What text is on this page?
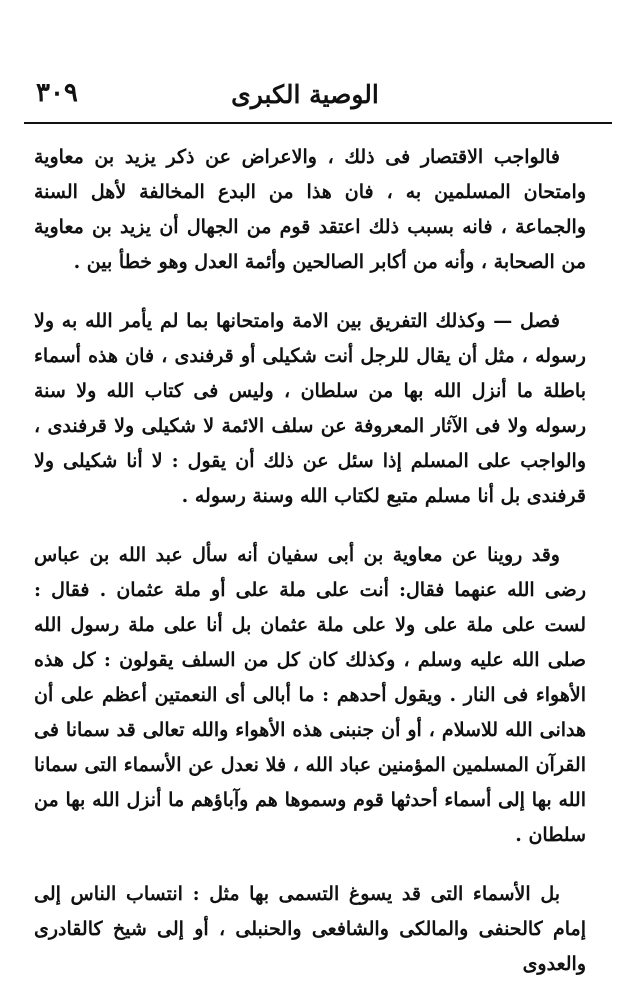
الوصية الكبرى
٣٠٩

فالواجب الاقتصار فى ذلك ، والاعراض عن ذكر يزيد بن معاوية وامتحان المسلمين به ، فان هذا من البدع المخالفة لأهل السنة والجماعة ، فانه بسبب ذلك اعتقد قوم من الجهال أن يزيد بن معاوية من الصحابة ، وأنه من أكابر الصالحين وأئمة العدل وهو خطأ بين .

فصل — وكذلك التفريق بين الامة وامتحانها بما لم يأمر الله به ولا رسوله ، مثل أن يقال للرجل أنت شكيلى أو قرفندى ، فان هذه أسماء باطلة ما أنزل الله بها من سلطان ، وليس فى كتاب الله ولا سنة رسوله ولا فى الآثار المعروفة عن سلف الائمة لا شكيلى ولا قرفندى ، والواجب على المسلم إذا سئل عن ذلك أن يقول : لا أنا شكيلى ولا قرفندى بل أنا مسلم متبع لكتاب الله وسنة رسوله .

وقد روينا عن معاوية بن أبى سفيان أنه سأل عبد الله بن عباس رضى الله عنهما فقال: أنت على ملة على أو ملة عثمان . فقال : لست على ملة على ولا على ملة عثمان بل أنا على ملة رسول الله صلى الله عليه وسلم ، وكذلك كان كل من السلف يقولون : كل هذه الأهواء فى النار . ويقول أحدهم : ما أبالى أى النعمتين أعظم على أن هدانى الله للاسلام ، أو أن جنبنى هذه الأهواء والله تعالى قد سمانا فى القرآن المسلمين المؤمنين عباد الله ، فلا نعدل عن الأسماء التى سمانا الله بها إلى أسماء أحدثها قوم وسموها هم وآباؤهم ما أنزل الله بها من سلطان .

بل الأسماء التى قد يسوغ التسمى بها مثل : انتساب الناس إلى إمام كالحنفى والمالكى والشافعى والحنبلى ، أو إلى شيخ كالقادرى والعدوى
